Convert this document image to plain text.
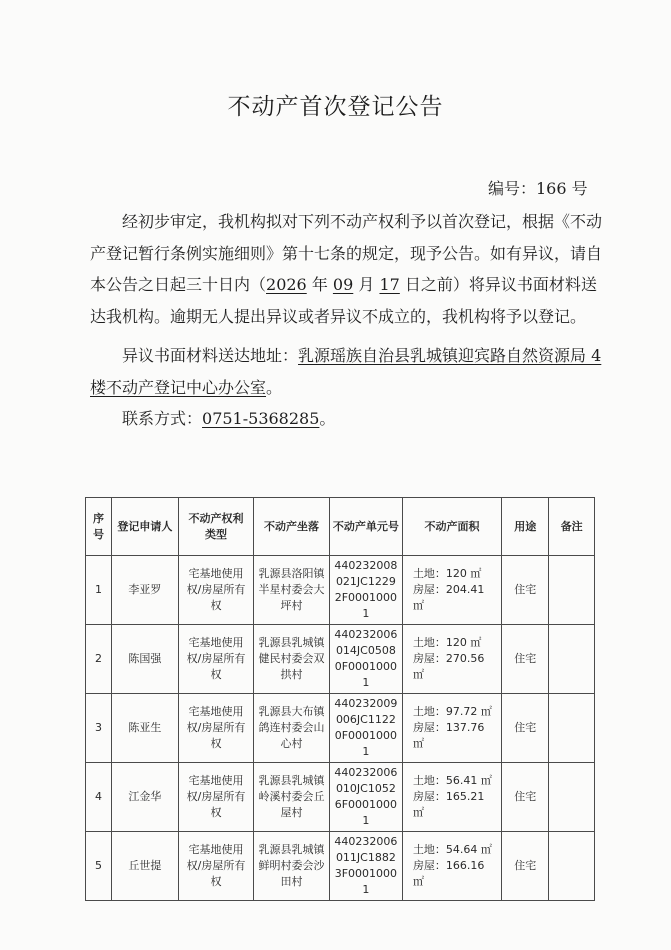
不动产首次登记公告
编号：166 号

经初步审定，我机构拟对下列不动产权利予以首次登记，根据《不动产登记暂行条例实施细则》第十七条的规定，现予公告。如有异议，请自本公告之日起三十日内（2026 年 09 月 17 日之前）将异议书面材料送达我机构。逾期无人提出异议或者异议不成立的，我机构将予以登记。

异议书面材料送达地址：乳源瑶族自治县乳城镇迎宾路自然资源局 4 楼不动产登记中心办公室。

联系方式：0751-5368285。

序号	登记申请人	不动产权利 类型	不动产坐落	不动产单元号	不动产面积	用途	备注
1	李亚罗	宅基地使用权/房屋所有权	乳源县洛阳镇半星村委会大坪村	440232008021JC12292F00010001	土地：120 ㎡
房屋：204.41 ㎡	住宅	
2	陈国强	宅基地使用权/房屋所有权	乳源县乳城镇健民村委会双拱村	440232006014JC05080F00010001	土地：120 ㎡
房屋：270.56 ㎡	住宅	
3	陈亚生	宅基地使用权/房屋所有权	乳源县大布镇鸽连村委会山心村	440232009006JC11220F00010001	土地：97.72 ㎡
房屋：137.76 ㎡	住宅	
4	江金华	宅基地使用权/房屋所有权	乳源县乳城镇岭溪村委会丘屋村	440232006010JC10526F00010001	土地：56.41 ㎡
房屋：165.21 ㎡	住宅	
5	丘世提	宅基地使用权/房屋所有权	乳源县乳城镇鲜明村委会沙田村	440232006011JC18823F00010001	土地：54.64 ㎡
房屋：166.16 ㎡	住宅	
